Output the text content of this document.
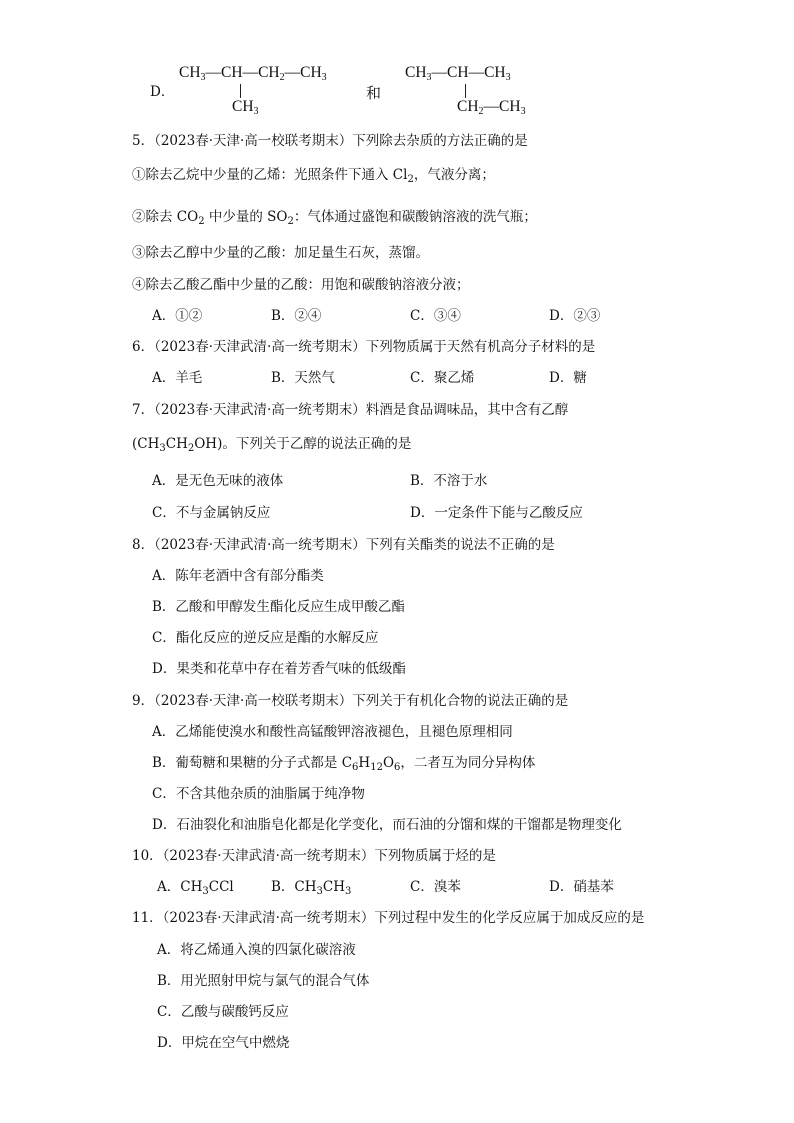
D．
$CH_3—CH—CH_2—CH_3$
$CH_3$
和
$CH_3—CH—CH_3$
$CH_2—CH_3$
5．（2023春·天津·高一校联考期末）下列除去杂质的方法正确的是
①除去乙烷中少量的乙烯：光照条件下通入 $Cl_2$，气液分离；
②除去 $CO_2$ 中少量的 $SO_2$：气体通过盛饱和碳酸钠溶液的洗气瓶；
③除去乙醇中少量的乙酸：加足量生石灰，蒸馏。
④除去乙酸乙酯中少量的乙酸：用饱和碳酸钠溶液分液；
A．①②	B．②④	C．③④	D．②③
6．（2023春·天津武清·高一统考期末）下列物质属于天然有机高分子材料的是
A．羊毛	B．天然气	C．聚乙烯	D．糖
7．（2023春·天津武清·高一统考期末）料酒是食品调味品，其中含有乙醇
$(CH_3CH_2OH)$。下列关于乙醇的说法正确的是
A．是无色无味的液体	B．不溶于水
C．不与金属钠反应	D．一定条件下能与乙酸反应
8．（2023春·天津武清·高一统考期末）下列有关酯类的说法不正确的是
A．陈年老酒中含有部分酯类
B．乙酸和甲醇发生酯化反应生成甲酸乙酯
C．酯化反应的逆反应是酯的水解反应
D．果类和花草中存在着芳香气味的低级酯
9．（2023春·天津·高一校联考期末）下列关于有机化合物的说法正确的是
A．乙烯能使溴水和酸性高锰酸钾溶液褪色，且褪色原理相同
B．葡萄糖和果糖的分子式都是 $C_6H_{12}O_6$，二者互为同分异构体
C．不含其他杂质的油脂属于纯净物
D．石油裂化和油脂皂化都是化学变化，而石油的分馏和煤的干馏都是物理变化
10．（2023春·天津武清·高一统考期末）下列物质属于烃的是
A．$CH_3CCl$	B．$CH_3CH_3$	C．溴苯	D．硝基苯
11．（2023春·天津武清·高一统考期末）下列过程中发生的化学反应属于加成反应的是
A．将乙烯通入溴的四氯化碳溶液
B．用光照射甲烷与氯气的混合气体
C．乙酸与碳酸钙反应
D．甲烷在空气中燃烧
